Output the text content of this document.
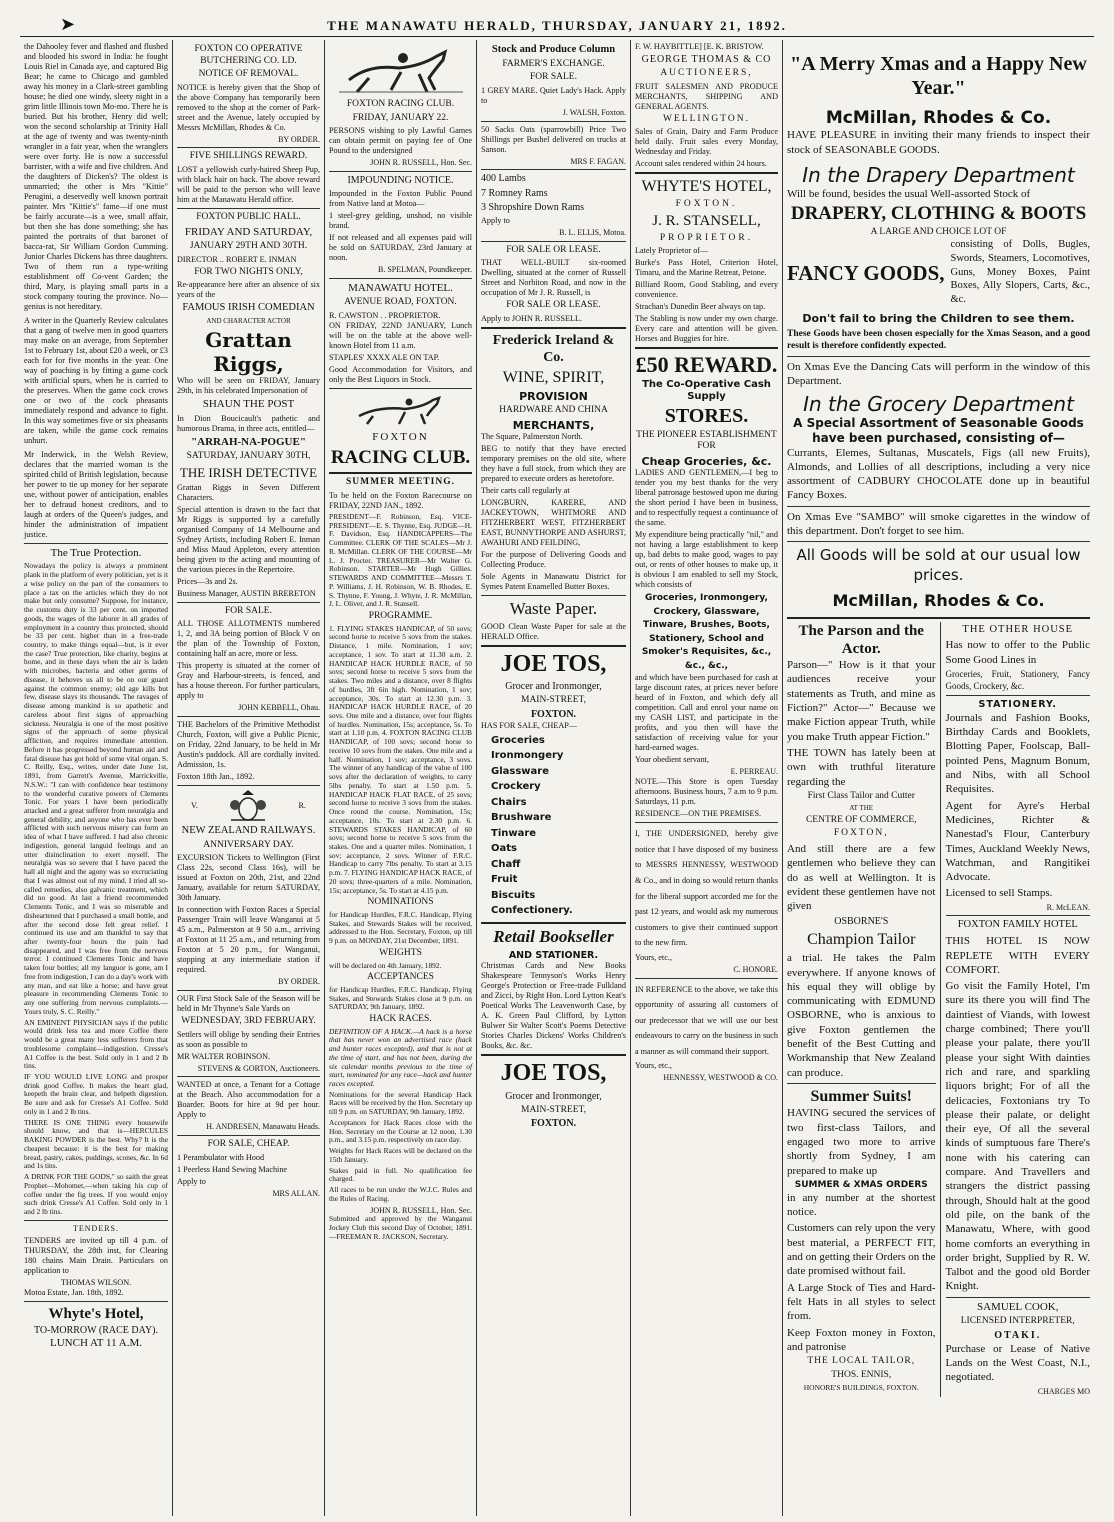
➤	THE MANAWATU HERALD, THURSDAY, JANUARY 21, 1892.

the Dahooley fever and flashed and flushed and blooded his sword in India: he fought Louis Riel in Canada aye, and captured Big Bear; he came to Chicago and gambled away his money in a Clark-street gambling house; he died one windy, sleety night in a grim little Illinois town Mo-mo. There he is buried. But his brother, Henry did well; won the second scholarship at Trinity Hall at the age of twenty and was twenty-ninth wrangler in a fair year, when the wranglers were over forty. He is now a successful barrister, with a wife and five children. And the daughters of Dicken's? The oldest is unmarried; the other is Mrs "Kittie" Perugini, a deservedly well known portrait painter. Mrs "Kittie's" fame—if one must be fairly accurate—is a wee, small affair, but then she has done something; she has painted the portraits of that baronet of bacca-rat, Sir William Gordon Cumming. Junior Charles Dickens has three daughters. Two of them run a type-writing establishment off Co-vent Garden; the third, Mary, is playing small parts in a stock company touring the province. No—genius is not hereditary.

A writer in the Quarterly Review calculates that a gang of twelve men in good quarters may make on an average, from September 1st to February 1st, about £20 a week, or £3 each for for five months in the year. One way of poaching is by fitting a game cock with artificial spurs, when he is carried to the preserves. When the game cock crows one or two of the cock pheasants immediately respond and advance to fight. In this way sometimes five or six pheasants are taken, while the game cock remains unhurt.

Mr Inderwick, in the Welsh Review, declares that the married woman is the spirited child of British legislation, because her power to tie up money for her separate use, without power of anticipation, enables her to defraud honest creditors, and to laugh at orders of the Queen's judges, and hinder the administration of impatient justice.

The True Protection.

Nowadays the policy is always a prominent plank in the platform of every politician, yet is it a wise policy on the part of the consumers to place a tax on the articles which they do not make but only consume? Suppose, for instance, the customs duty is 33 per cent. on imported goods, the wages of the laborer in all grades of employment in a country thus protected, should be 33 per cent. higher than in a free-trade country, to make things equal—but, is it ever the case? True protection, like charity, begins at home, and in these days when the air is laden with microbes, bacteria and other germs of disease, it behoves us all to be on our guard against the common enemy; old age kills but few, disease slays its thousands. The ravages of disease among mankind is so apathetic and careless about first signs of approaching sickness. Neuralgia is one of the most positive signs of the approach of some physical affliction, and requires immediate attention. Before it has progressed beyond human aid and fatal disease has got hold of some vital organ. S. C. Reilly, Esq., writes, under date June 1st, 1891, from Garrett's Avenue, Marrickville, N.S.W.: "I can with confidence bear testimony to the wonderful curative powers of Clements Tonic. For years I have been periodically attacked and a great sufferer from neuralgia and general debility, and anyone who has ever been afflicted with such nervous misery can form an idea of what I have suffered. I had also chronic indigestion, general languid feelings and an utter disinclination to exert myself. The neuralgia was so severe that I have paced the hall all night and the agony was so excruciating that I was almost out of my mind. I tried all so-called remedies, also galvanic treatment, which did no good. At last a friend recommended Clements Tonic, and I was so miserable and disheartened that I purchased a small bottle, and after the second dose felt great relief. I continued its use and am thankful to say that after twenty-four hours the pain had disappeared, and I was free from the nervous terror. I continued Clements Tonic and have taken four bottles; all my languor is gone, am I free from indigestion, I can do a day's work with any man, and eat like a horse; and have great pleasure in recommending Clements Tonic to any one suffering from nervous complaints.—Yours truly, S. C. Reilly."

AN EMINENT PHYSICIAN says if the public would drink less tea and more Coffee there would be a great many less sufferers from that troublesome complaint—indigestion. Cresse's A1 Coffee is the best. Sold only in 1 and 2 lb tins.

IF YOU WOULD LIVE LONG and prosper drink good Coffee. It makes the heart glad, keepeth the brain clear, and helpeth digestion. Be sure and ask for Cresse's A1 Coffee. Sold only in 1 and 2 lb tins.

THERE IS ONE THING every housewife should know, and that is—HERCULES BAKING POWDER is the best. Why? It is the cheapest because: it is the best for making bread, pastry, cakes, puddings, scones, &c. In 6d and 1s tins.

A DRINK FOR THE GODS," so saith the great Prophet—Mohomet,—when taking his cup of coffee under the fig trees. If you would enjoy such drink Cresse's A1 Coffee. Sold only in 1 and 2 lb tins.

TENDERS.

TENDERS are invited up till 4 p.m. of THURSDAY, the 28th inst, for Clearing 180 chains Main Drain. Particulars on application to

THOMAS WILSON.
Motoa Estate, Jan. 18th, 1892.
Whyte's Hotel,
TO-MORROW (RACE DAY).
LUNCH AT 11 A.M.
FOXTON CO OPERATIVE BUTCHERING CO. LD.
NOTICE OF REMOVAL.

NOTICE is hereby given that the Shop of the above Company has temporarily been removed to the shop at the corner of Park-street and the Avenue, lately occupied by Messrs McMillan, Rhodes & Co.

BY ORDER.
FIVE SHILLINGS REWARD.

LOST a yellowish curly-haired Sheep Pup, with black hair on back. The above reward will be paid to the person who will leave him at the Manawatu Herald office.

FOXTON PUBLIC HALL.
FRIDAY AND SATURDAY,
JANUARY 29TH AND 30TH.
DIRECTOR .. ROBERT E. INMAN
FOR TWO NIGHTS ONLY,

Re-appearance here after an absence of six years of the

FAMOUS IRISH COMEDIAN
AND CHARACTER ACTOR
Grattan Riggs,

Who will be seen on FRIDAY, January 29th, in his celebrated Impersonation of

SHAUN THE POST

In Dion Boucicault's pathetic and humorous Drama, in three acts, entitled—

"ARRAH-NA-POGUE"
SATURDAY, JANUARY 30TH,
THE IRISH DETECTIVE

Grattan Riggs in Seven Different Characters.

Special attention is drawn to the fact that Mr Riggs is supported by a carefully organised Company of 14 Melbourne and Sydney Artists, including Robert E. Inman and Miss Maud Appleton, every attention being given to the acting and mounting of the various pieces in the Repertoire.

Prices—3s and 2s.

Business Manager, AUSTIN BRERETON

FOR SALE.

ALL THOSE ALLOTMENTS numbered 1, 2, and 3A being portion of Block V on the plan of the Township of Foxton, containing half an acre, more or less.

This property is situated at the corner of Gray and Harbour-streets, is fenced, and has a house thereon. For further particulars, apply to

JOHN KEBBELL, Ohau.

THE Bachelors of the Primitive Methodist Church, Foxton, will give a Public Picnic, on Friday, 22nd January, to be held in Mr Austin's paddock. All are cordially invited. Admission, 1s.

Foxton 18th Jan., 1892.

V.	R.
NEW ZEALAND RAILWAYS.
ANNIVERSARY DAY.

EXCURSION Tickets to Wellington (First Class 22s, second Class 16s), will be issued at Foxton on 20th, 21st, and 22nd January, available for return SATURDAY, 30th January.

In connection with Foxton Races a Special Passenger Train will leave Wanganui at 5 45 a.m., Palmerston at 9 50 a.m., arriving at Foxton at 11 25 a.m., and returning from Foxton at 5 20 p.m., for Wanganui, stopping at any intermediate station if required.

BY ORDER.

OUR First Stock Sale of the Season will be held in Mr Thynne's Sale Yards on

WEDNESDAY, 3RD FEBRUARY.

Settlers will oblige by sending their Entries as soon as possible to

MR WALTER ROBINSON.

STEVENS & GORTON, Auctioneers.

WANTED at once, a Tenant for a Cottage at the Beach. Also accommodation for a Boarder. Boots for hire at 9d per hour. Apply to

H. ANDRESEN, Manawatu Heads.
FOR SALE, CHEAP.

1 Perambulator with Hood

1 Peerless Hand Sewing Machine

Apply to

MRS ALLAN.
FOXTON RACING CLUB.
FRIDAY, JANUARY 22.

PERSONS wishing to ply Lawful Games can obtain permit on paying fee of One Pound to the undersigned

JOHN R. RUSSELL, Hon. Sec.
IMPOUNDING NOTICE.

Impounded in the Foxton Public Pound from Native land at Motoa—

1 steel-grey gelding, unshod, no visible brand.

If not released and all expenses paid will be sold on SATURDAY, 23rd January at noon.

B. SPELMAN, Poundkeeper.
MANAWATU HOTEL.
AVENUE ROAD, FOXTON.
R. CAWSTON . . PROPRIETOR.

ON FRIDAY, 22ND JANUARY, Lunch will be on the table at the above well-known Hotel from 11 a.m.

STAPLES' XXXX ALE ON TAP.

Good Accommodation for Visitors, and only the Best Liquors in Stock.

FOXTON
RACING CLUB.
SUMMER MEETING.

To be held on the Foxton Racecourse on FRIDAY, 22ND JAN., 1892.

PRESIDENT—F. Robinson, Esq. VICE-PRESIDENT—E. S. Thynne, Esq. JUDGE—H. F. Davidson, Esq. HANDICAPPERS—The Committee. CLERK OF THE SCALES—Mr J. R. McMillan. CLERK OF THE COURSE—Mr L. J. Procter. TREASURER—Mr Walter G. Robinson. STARTER—Mr Hugh Gillies. STEWARDS AND COMMITTEE—Messrs T. P. Williams, J. H. Robinson, W. B. Rhodes, E. S. Thynne, F. Young, J. Whyte, J. R. McMillan, J. L. Oliver, and J. R. Stansell.

PROGRAMME.

1. FLYING STAKES HANDICAP, of 50 sovs; second horse to receive 5 sovs from the stakes. Distance, 1 mile. Nomination, 1 sov; acceptance, 1 sov. To start at 11.30 a.m. 2. HANDICAP HACK HURDLE RACE, of 50 sovs; second horse to receive 5 sovs from the stakes. Two miles and a distance, over 8 flights of hurdles, 3ft 6in high. Nomination, 1 sov; acceptance, 30s. To start at 12.30 p.m. 3. HANDICAP HACK HURDLE RACE, of 20 sovs. One mile and a distance, over four flights of hurdles. Nomination, 15s; acceptance, 5s. To start at 1.10 p.m. 4. FOXTON RACING CLUB HANDICAP, of 100 sovs; second horse to receive 10 sovs from the stakes. One mile and a half. Nomination, 1 sov; acceptance, 3 sovs. The winner of any handicap of the value of 100 sovs after the declaration of weights, to carry 5lbs penalty. To start at 1.50 p.m. 5. HANDICAP HACK FLAT RACE, of 25 sovs; second horse to receive 3 sovs from the stakes. Once round the course. Nomination, 15s; acceptance, 10s. To start at 2.30 p.m. 6. STEWARDS STAKES HANDICAP, of 60 sovs; second horse to receive 5 sovs from the stakes. One and a quarter miles. Nomination, 1 sov; acceptance, 2 sovs. Winner of F.R.C. Handicap to carry 7lbs penalty. To start at 3.15 p.m. 7. FLYING HANDICAP HACK RACE, of 20 sovs; three-quarters of a mile. Nomination, 15s; acceptance, 5s. To start at 4.15 p.m.

NOMINATIONS

for Handicap Hurdles, F.R.C. Handicap, Flying Stakes, and Stewards Stakes will be received, addressed to the Hon. Secretary, Foxton, up till 9 p.m. on MONDAY, 21st December, 1891.

WEIGHTS

will be declared on 4th January, 1892.

ACCEPTANCES

for Handicap Hurdles, F.R.C. Handicap, Flying Stakes, and Stewards Stakes close at 9 p.m. on SATURDAY, 9th January, 1892.

HACK RACES.

DEFINITION OF A HACK.—A hack is a horse that has never won an advertised race (hack and hunter races excepted), and that is not at the time of start, and has not been, during the six calendar months previous to the time of start, nominated for any race—hack and hunter races excepted.

Nominations for the several Handicap Hack Races will be received by the Hon. Secretary up till 9 p.m. on SATURDAY, 9th January, 1892.

Acceptances for Hack Races close with the Hon. Secretary on the Course at 12 noon, 1.30 p.m., and 3.15 p.m. respectively on race day.

Weights for Hack Races will be declared on the 15th January.

Stakes paid in full. No qualification fee charged.

All races to be run under the W.J.C. Rules and the Rules of Racing.

JOHN R. RUSSELL, Hon. Sec.

Submitted and approved by the Wanganui Jockey Club this second Day of October, 1891.—FREEMAN R. JACKSON, Secretary.

Stock and Produce Column
FARMER'S EXCHANGE.
FOR SALE.

1 GREY MARE. Quiet Lady's Hack. Apply to

J. WALSH, Foxton.

50 Sacks Oats (sparrowbill) Price Two Shillings per Bushel delivered on trucks at Sanson.

MRS F. FAGAN.

400 Lambs

7 Romney Rams

3 Shropshire Down Rams

Apply to

B. L. ELLIS, Motoa.
FOR SALE OR LEASE.

THAT WELL-BUILT six-roomed Dwelling, situated at the corner of Russell Street and Norbiton Road, and now in the occupation of Mr J. R. Russell, is

FOR SALE OR LEASE.

Apply to JOHN R. RUSSELL.

Frederick Ireland & Co.
WINE, SPIRIT,
PROVISION
HARDWARE AND CHINA
MERCHANTS,

The Square, Palmerston North.

BEG to notify that they have erected temporary premises on the old site, where they have a full stock, from which they are prepared to execute orders as heretofore.

Their carts call regularly at

LONGBURN, KARERE, AND JACKEYTOWN, WHITMORE AND FITZHERBERT WEST, FITZHERBERT EAST, BUNNYTHORPE AND ASHURST, AWAHURI AND FEILDING,

For the purpose of Delivering Goods and Collecting Produce.

Sole Agents in Manawatu District for Symes Patent Enamelled Butter Boxes.

Waste Paper.

GOOD Clean Waste Paper for sale at the HERALD Office.

JOE TOS,
Grocer and Ironmonger,
MAIN-STREET,
FOXTON.

HAS FOR SALE, CHEAP—

Groceries
Ironmongery
Glassware
Crockery
Chairs
Brushware
Tinware
Oats
Chaff
Fruit
Biscuits
Confectionery.
Retail Bookseller
AND STATIONER.

Christmas Cards and New Books Shakespeare Tennyson's Works Henry George's Protection or Free-trade Fulkland and Zicci, by Right Hon. Lord Lytton Keat's Poetical Works The Leavenworth Case, by A. K. Green Paul Clifford, by Lytton Bulwer Sir Walter Scott's Poems Detective Stories Charles Dickens' Works Children's Books, &c. &c.

JOE TOS,
Grocer and Ironmonger,
MAIN-STREET,
FOXTON.
F. W. HAYBITTLE] [E. K. BRISTOW.
GEORGE THOMAS & CO
AUCTIONEERS,

FRUIT SALESMEN AND PRODUCE MERCHANTS, SHIPPING AND GENERAL AGENTS.

WELLINGTON.

Sales of Grain, Dairy and Farm Produce held daily. Fruit sales every Monday, Wednesday and Friday.

Account sales rendered within 24 hours.

WHYTE'S HOTEL,
FOXTON.
J. R. STANSELL,
PROPRIETOR.

Lately Proprietor of—

Burke's Pass Hotel, Criterion Hotel, Timaru, and the Marine Retreat, Petone.

Billiard Room, Good Stabling, and every convenience.

Strachan's Dunedin Beer always on tap.

The Stabling is now under my own charge. Every care and attention will be given. Horses and Buggies for hire.

£50 REWARD.
The Co-Operative Cash Supply
STORES.
THE PIONEER ESTABLISHMENT FOR
Cheap Groceries, &c.

LADIES AND GENTLEMEN,—I beg to tender you my best thanks for the very liberal patronage bestowed upon me during the short period I have been in business, and to respectfully request a continuance of the same.

My expenditure being practically "nil," and not having a large establishment to keep up, bad debts to make good, wages to pay out, or rents of other houses to make up, it is obvious I am enabled to sell my Stock, which consists of

Groceries, Ironmongery, Crockery, Glassware, Tinware, Brushes, Boots, Stationery, School and Smoker's Requisites, &c., &c., &c.,

and which have been purchased for cash at large discount rates, at prices never before heard of in Foxton, and which defy all competition. Call and enrol your name on my CASH LIST, and participate in the profits, and you then will have the satisfaction of receiving value for your hard-earned wages.

Your obedient servant,

E. PERREAU.

NOTE.—This Store is open Tuesday afternoons. Business hours, 7 a.m to 9 p.m. Saturdays, 11 p.m.

RESIDENCE—ON THE PREMISES.

I, THE UNDERSIGNED, hereby give notice that I have disposed of my business to MESSRS HENNESSY, WESTWOOD & Co., and in doing so would return thanks for the liberal support accorded me for the past 12 years, and would ask my numerous customers to give their continued support to the new firm.

Yours, etc.,

C. HONORE.

IN REFERENCE to the above, we take this opportunity of assuring all customers of our predecessor that we will use our best endeavours to carry on the business in such a manner as will command their support.

Yours, etc.,

HENNESSY, WESTWOOD & CO.
"A Merry Xmas and a Happy New Year."
McMillan, Rhodes & Co.

HAVE PLEASURE in inviting their many friends to inspect their stock of SEASONABLE GOODS.

In the Drapery Department

Will be found, besides the usual Well-assorted Stock of

DRAPERY, CLOTHING & BOOTS
A LARGE AND CHOICE LOT OF
FANCY GOODS,

consisting of Dolls, Bugles, Swords, Steamers, Locomotives, Guns, Money Boxes, Paint Boxes, Ally Slopers, Carts, &c., &c.

Don't fail to bring the Children to see them.

These Goods have been chosen especially for the Xmas Season, and a good result is therefore confidently expected.

On Xmas Eve the Dancing Cats will perform in the window of this Department.

In the Grocery Department
A Special Assortment of Seasonable Goods have been purchased, consisting of—

Currants, Elemes, Sultanas, Muscatels, Figs (all new Fruits), Almonds, and Lollies of all descriptions, including a very nice assortment of CADBURY CHOCOLATE done up in beautiful Fancy Boxes.

On Xmas Eve "SAMBO" will smoke cigarettes in the window of this department. Don't forget to see him.

All Goods will be sold at our usual low prices.
McMillan, Rhodes & Co.
The Parson and the Actor.

Parson—" How is it that your audiences receive your statements as Truth, and mine as Fiction?" Actor—" Because we make Fiction appear Truth, while you make Truth appear Fiction."

THE TOWN has lately been at own with truthful literature regarding the

First Class Tailor and Cutter
AT THE
CENTRE OF COMMERCE,
FOXTON,

And still there are a few gentlemen who believe they can do as well at Wellington. It is evident these gentlemen have not given

OSBORNE'S
Champion Tailor

a trial. He takes the Palm everywhere. If anyone knows of his equal they will oblige by communicating with EDMUND OSBORNE, who is anxious to give Foxton gentlemen the benefit of the Best Cutting and Workmanship that New Zealand can produce.

Summer Suits!

HAVING secured the services of two first-class Tailors, and engaged two more to arrive shortly from Sydney, I am prepared to make up

SUMMER & XMAS ORDERS

in any number at the shortest notice.

Customers can rely upon the very best material, a PERFECT FIT, and on getting their Orders on the date promised without fail.

A Large Stock of Ties and Hard-felt Hats in all styles to select from.

Keep Foxton money in Foxton, and patronise

THE LOCAL TAILOR,
THOS. ENNIS,
HONORE'S BUILDINGS, FOXTON.
THE OTHER HOUSE

Has now to offer to the Public Some Good Lines in

Groceries, Fruit, Stationery, Fancy Goods, Crockery, &c.

STATIONERY.

Journals and Fashion Books, Birthday Cards and Booklets, Blotting Paper, Foolscap, Ball-pointed Pens, Magnum Bonum, and Nibs, with all School Requisites.

Agent for Ayre's Herbal Medicines, Richter & Nanestad's Flour, Canterbury Times, Auckland Weekly News, Watchman, and Rangitikei Advocate.

Licensed to sell Stamps.

R. McLEAN.
FOXTON FAMILY HOTEL

THIS HOTEL IS NOW REPLETE WITH EVERY COMFORT.

Go visit the Family Hotel, I'm sure its there you will find The daintiest of Viands, with lowest charge combined; There you'll please your palate, there you'll please your sight With dainties rich and rare, and sparkling liquors bright; For of all the delicacies, Foxtonians try To please their palate, or delight their eye, Of all the several kinds of sumptuous fare There's none with his catering can compare. And Travellers and strangers the district passing through, Should halt at the good old pile, on the bank of the Manawatu, Where, with good home comforts an everything in order bright, Supplied by R. W. Talbot and the good old Border Knight.

SAMUEL COOK,
LICENSED INTERPRETER,
OTAKI.

Purchase or Lease of Native Lands on the West Coast, N.I., negotiated.

CHARGES MO
